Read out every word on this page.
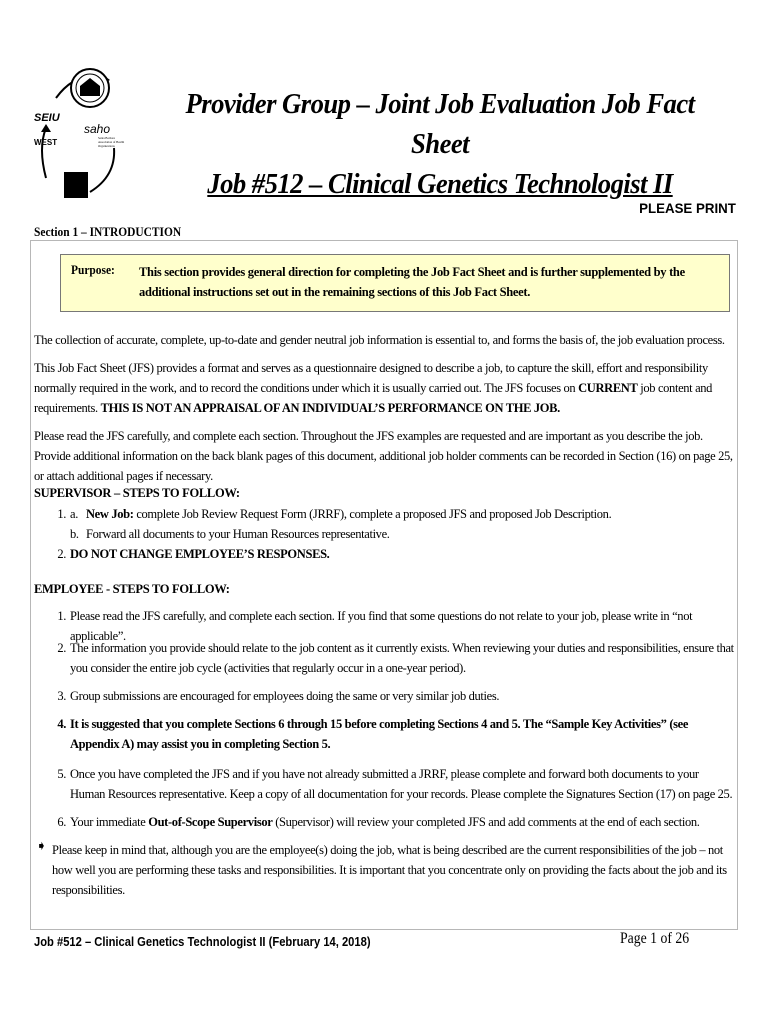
SEIU
WEST
saho
Santa Barbara Association of Health Organizations
Provider Group – Joint Job Evaluation Job Fact Sheet
Job #512 – Clinical Genetics Technologist II
PLEASE PRINT
Section 1 – INTRODUCTION
Purpose: This section provides general direction for completing the Job Fact Sheet and is further supplemented by the additional instructions set out in the remaining sections of this Job Fact Sheet.
The collection of accurate, complete, up-to-date and gender neutral job information is essential to, and forms the basis of, the job evaluation process.
This Job Fact Sheet (JFS) provides a format and serves as a questionnaire designed to describe a job, to capture the skill, effort and responsibility normally required in the work, and to record the conditions under which it is usually carried out. The JFS focuses on CURRENT job content and requirements. THIS IS NOT AN APPRAISAL OF AN INDIVIDUAL’S PERFORMANCE ON THE JOB.
Please read the JFS carefully, and complete each section. Throughout the JFS examples are requested and are important as you describe the job. Provide additional information on the back blank pages of this document, additional job holder comments can be recorded in Section (16) on page 25, or attach additional pages if necessary.
SUPERVISOR – STEPS TO FOLLOW:
1. a. New Job: complete Job Review Request Form (JRRF), complete a proposed JFS and proposed Job Description.
b. Forward all documents to your Human Resources representative.
2. DO NOT CHANGE EMPLOYEE’S RESPONSES.
EMPLOYEE - STEPS TO FOLLOW:
1. Please read the JFS carefully, and complete each section. If you find that some questions do not relate to your job, please write in “not applicable”.
2. The information you provide should relate to the job content as it currently exists. When reviewing your duties and responsibilities, ensure that you consider the entire job cycle (activities that regularly occur in a one-year period).
3. Group submissions are encouraged for employees doing the same or very similar job duties.
4. It is suggested that you complete Sections 6 through 15 before completing Sections 4 and 5. The “Sample Key Activities” (see Appendix A) may assist you in completing Section 5.
5. Once you have completed the JFS and if you have not already submitted a JRRF, please complete and forward both documents to your Human Resources representative. Keep a copy of all documentation for your records. Please complete the Signatures Section (17) on page 25.
6. Your immediate Out-of-Scope Supervisor (Supervisor) will review your completed JFS and add comments at the end of each section.
➧ Please keep in mind that, although you are the employee(s) doing the job, what is being described are the current responsibilities of the job – not how well you are performing these tasks and responsibilities. It is important that you concentrate only on providing the facts about the job and its responsibilities.
Job #512 – Clinical Genetics Technologist II (February 14, 2018)	Page 1 of 26
